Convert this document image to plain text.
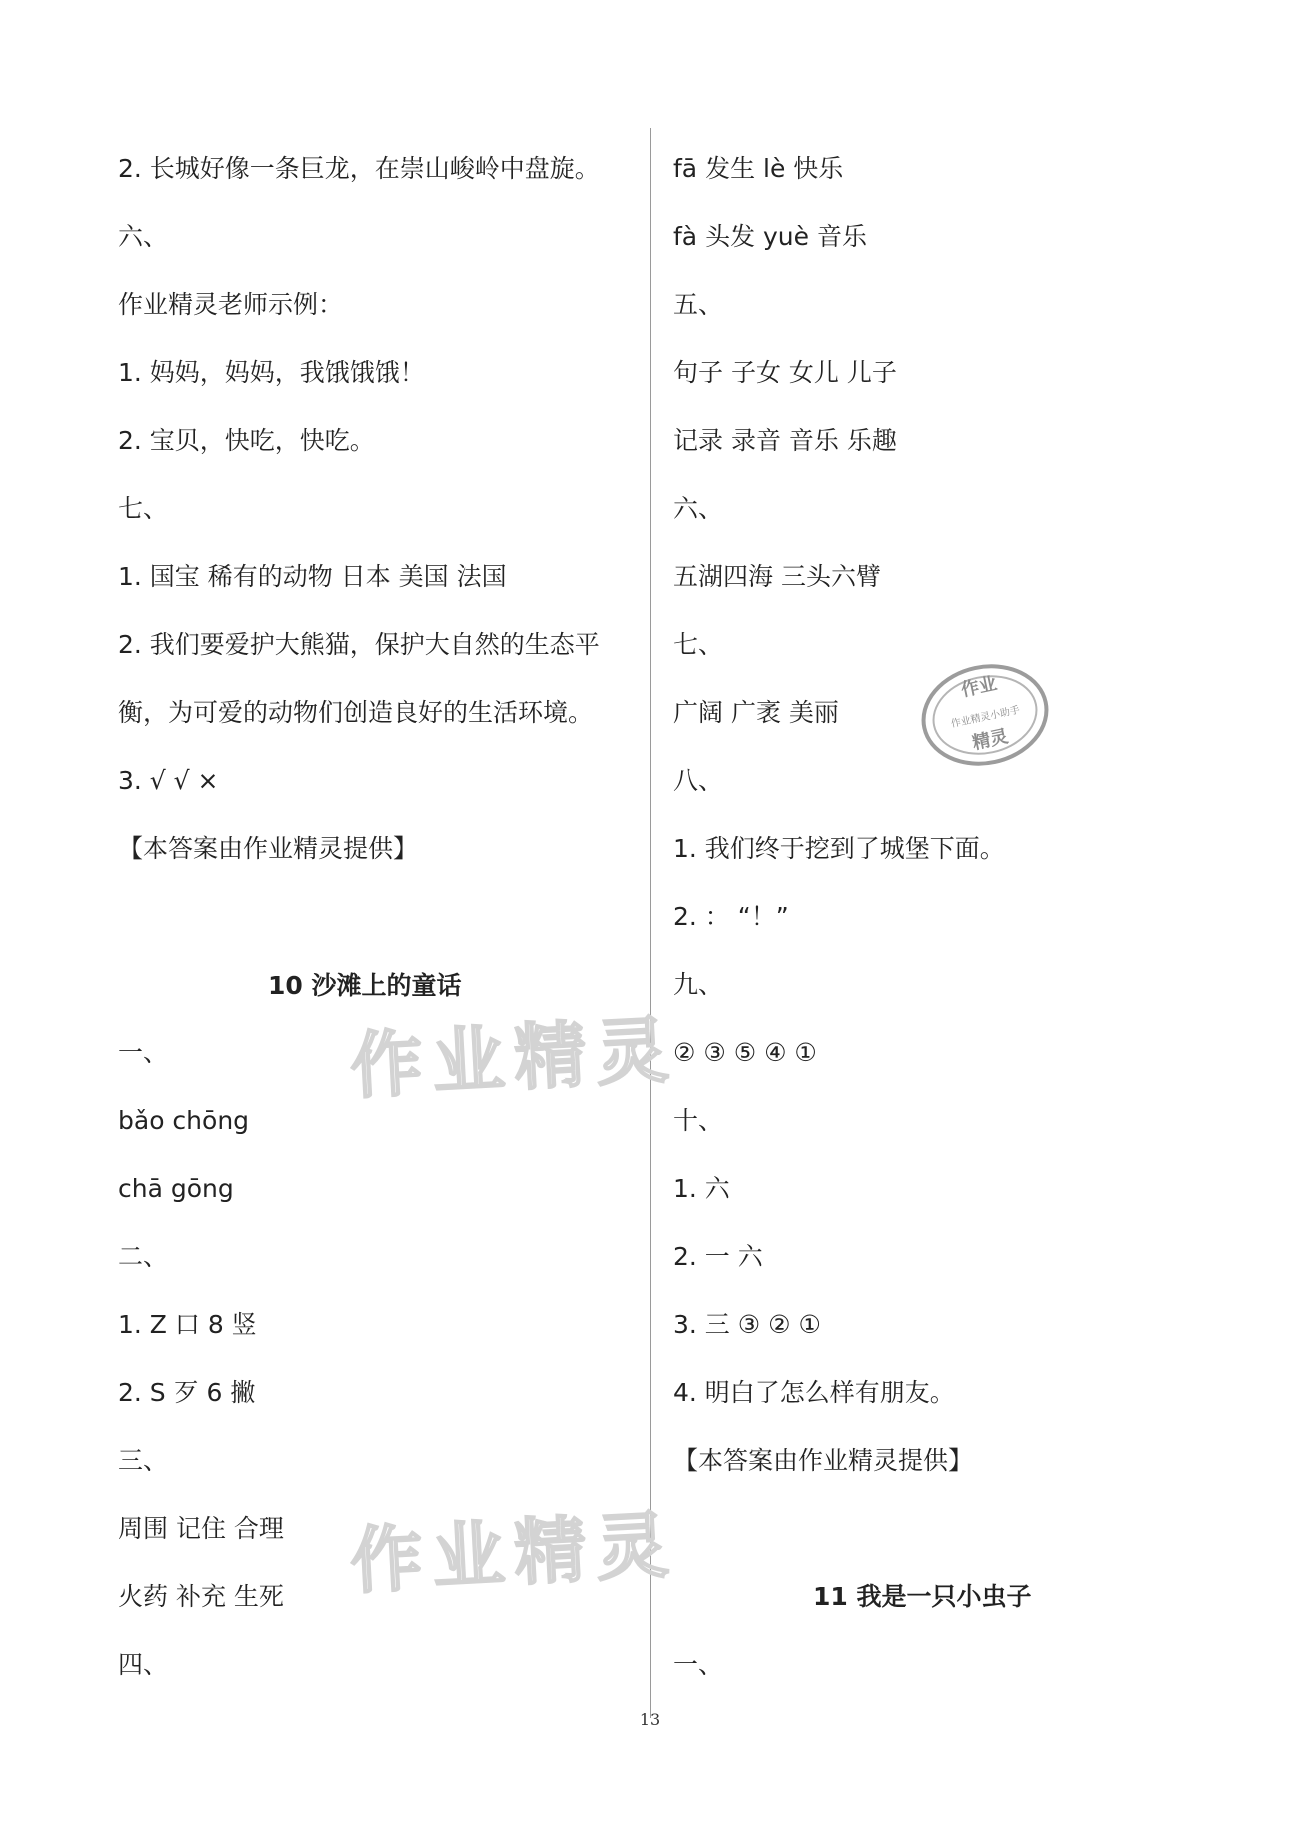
2. 长城好像一条巨龙，在崇山峻岭中盘旋。
六、
作业精灵老师示例：
1. 妈妈，妈妈，我饿饿饿！
2. 宝贝，快吃，快吃。
七、
1. 国宝 稀有的动物 日本 美国 法国
2. 我们要爱护大熊猫，保护大自然的生态平
衡，为可爱的动物们创造良好的生活环境。
3. √ √ ×
【本答案由作业精灵提供】
10 沙滩上的童话
一、
bǎo chōng
chā gōng
二、
1. Z 口 8 竖
2. S 歹 6 撇
三、
周围 记住 合理
火药 补充 生死
四、
fā 发生 lè 快乐
fà 头发 yuè 音乐
五、
句子 子女 女儿 儿子
记录 录音 音乐 乐趣
六、
五湖四海 三头六臂
七、
广阔 广袤 美丽
八、
1. 我们终于挖到了城堡下面。
2. ： “！”
九、
② ③ ⑤ ④ ①
十、
1. 六
2. 一 六
3. 三 ③ ② ①
4. 明白了怎么样有朋友。
【本答案由作业精灵提供】
11 我是一只小虫子
一、
作业精灵
作业精灵
作业
作业精灵小助手
精灵
13
